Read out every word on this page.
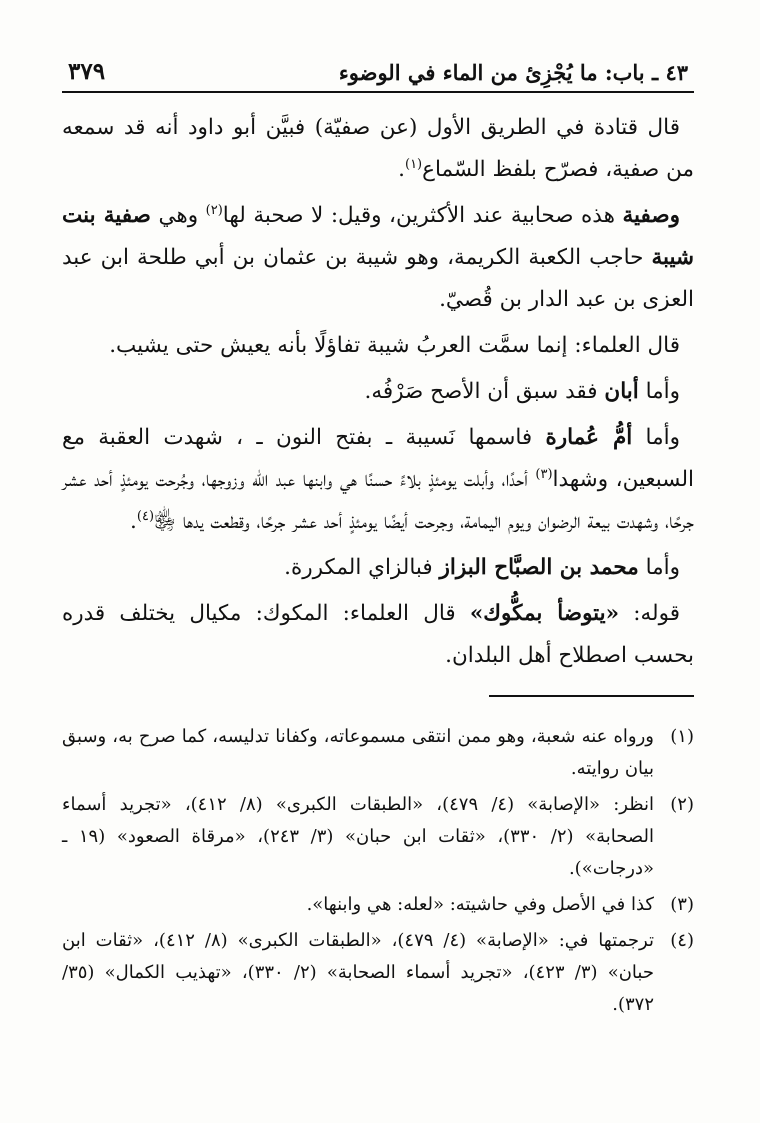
٤٣ ـ باب: ما يُجْزِئ من الماء في الوضوء
٣٧٩

قال قتادة في الطريق الأول (عن صفيّة) فبيَّن أبو داود أنه قد سمعه من صفية، فصرّح بلفظ السّماع$^{(١)}$.

وصفية هذه صحابية عند الأكثرين، وقيل: لا صحبة لها$^{(٢)}$ وهي صفية بنت شيبة حاجب الكعبة الكريمة، وهو شيبة بن عثمان بن أبي طلحة ابن عبد العزى بن عبد الدار بن قُصيّ.

قال العلماء: إنما سمَّت العربُ شيبة تفاؤلًا بأنه يعيش حتى يشيب.

وأما أبان فقد سبق أن الأصح صَرْفُه.

وأما أمُّ عُمارة فاسمها نَسيبة ـ بفتح النون ـ ، شهدت العقبة مع السبعين، وشهدا$^{(٣)}$ أحدًا، وأبلت يومئذٍ بلاءً حسنًا هي وابنها عبد الله وزوجها، وجُرحت يومئذٍ أحد عشر جرحًا، وشهدت بيعة الرضوان ويوم اليمامة، وجرحت أيضًا يومئذٍ أحد عشر جرحًا، وقطعت يدها ﵂$^{(٤)}$.

وأما محمد بن الصبَّاح البزاز فبالزاي المكررة.

قوله: «يتوضأ بمكُّوك» قال العلماء: المكوك: مكيال يختلف قدره بحسب اصطلاح أهل البلدان.

(١)
ورواه عنه شعبة، وهو ممن انتقى مسموعاته، وكفانا تدليسه، كما صرح به، وسبق بيان روايته.
(٢)
انظر: «الإصابة» (٤/ ٤٧٩)، «الطبقات الكبرى» (٨/ ٤١٢)، «تجريد أسماء الصحابة» (٢/ ٣٣٠)، «ثقات ابن حبان» (٣/ ٢٤٣)، «مرقاة الصعود» (١٩ ـ «درجات»).
(٣)
كذا في الأصل وفي حاشيته: «لعله: هي وابنها».
(٤)
ترجمتها في: «الإصابة» (٤/ ٤٧٩)، «الطبقات الكبرى» (٨/ ٤١٢)، «ثقات ابن حبان» (٣/ ٤٢٣)، «تجريد أسماء الصحابة» (٢/ ٣٣٠)، «تهذيب الكمال» (٣٥/ ٣٧٢).
